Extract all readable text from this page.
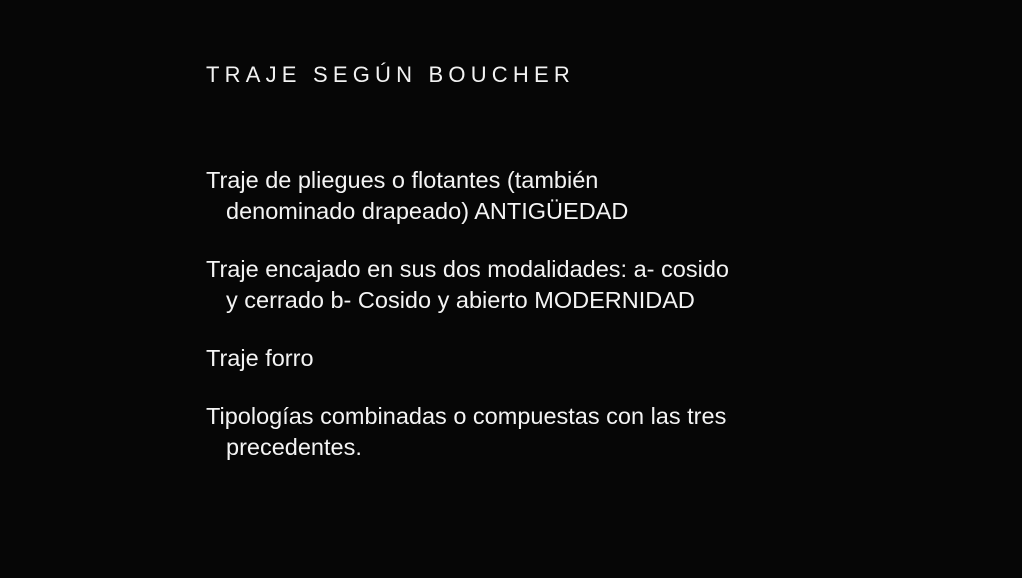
TRAJE SEGÚN BOUCHER

Traje de pliegues o flotantes (también
denominado drapeado) ANTIGÜEDAD

Traje encajado en sus dos modalidades: a- cosido
y cerrado b- Cosido y abierto MODERNIDAD

Traje forro

Tipologías combinadas o compuestas con las tres
precedentes.
